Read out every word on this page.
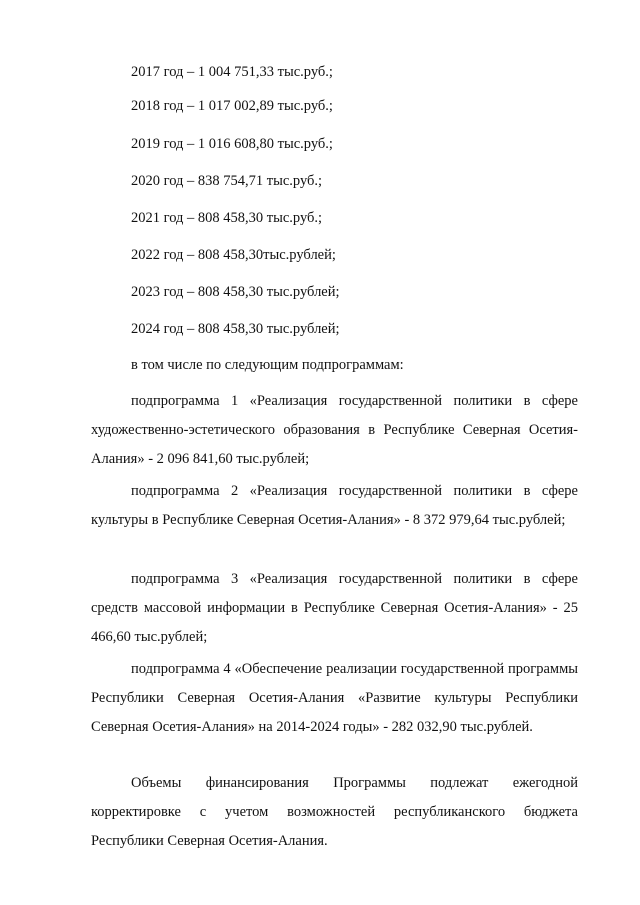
2017 год – 1 004 751,33 тыс.руб.;
2018 год – 1 017 002,89 тыс.руб.;
2019 год – 1 016 608,80 тыс.руб.;
2020 год – 838 754,71 тыс.руб.;
2021 год – 808 458,30 тыс.руб.;
2022 год – 808 458,30тыс.рублей;
2023 год – 808 458,30 тыс.рублей;
2024 год – 808 458,30 тыс.рублей;
в том числе по следующим подпрограммам:

подпрограмма 1 «Реализация государственной политики в сфере художественно-эстетического образования в Республике Северная Осетия-Алания» - 2 096 841,60 тыс.рублей;

подпрограмма 2 «Реализация государственной политики в сфере культуры в Республике Северная Осетия-Алания» - 8 372 979,64 тыс.рублей;

подпрограмма 3 «Реализация государственной политики в сфере средств массовой информации в Республике Северная Осетия-Алания» - 25 466,60 тыс.рублей;

подпрограмма 4 «Обеспечение реализации государственной программы Республики Северная Осетия-Алания «Развитие культуры Республики Северная Осетия-Алания» на 2014-2024 годы» - 282 032,90 тыс.рублей.

Объемы финансирования Программы подлежат ежегодной корректировке с учетом возможностей республиканского бюджета Республики Северная Осетия-Алания.
